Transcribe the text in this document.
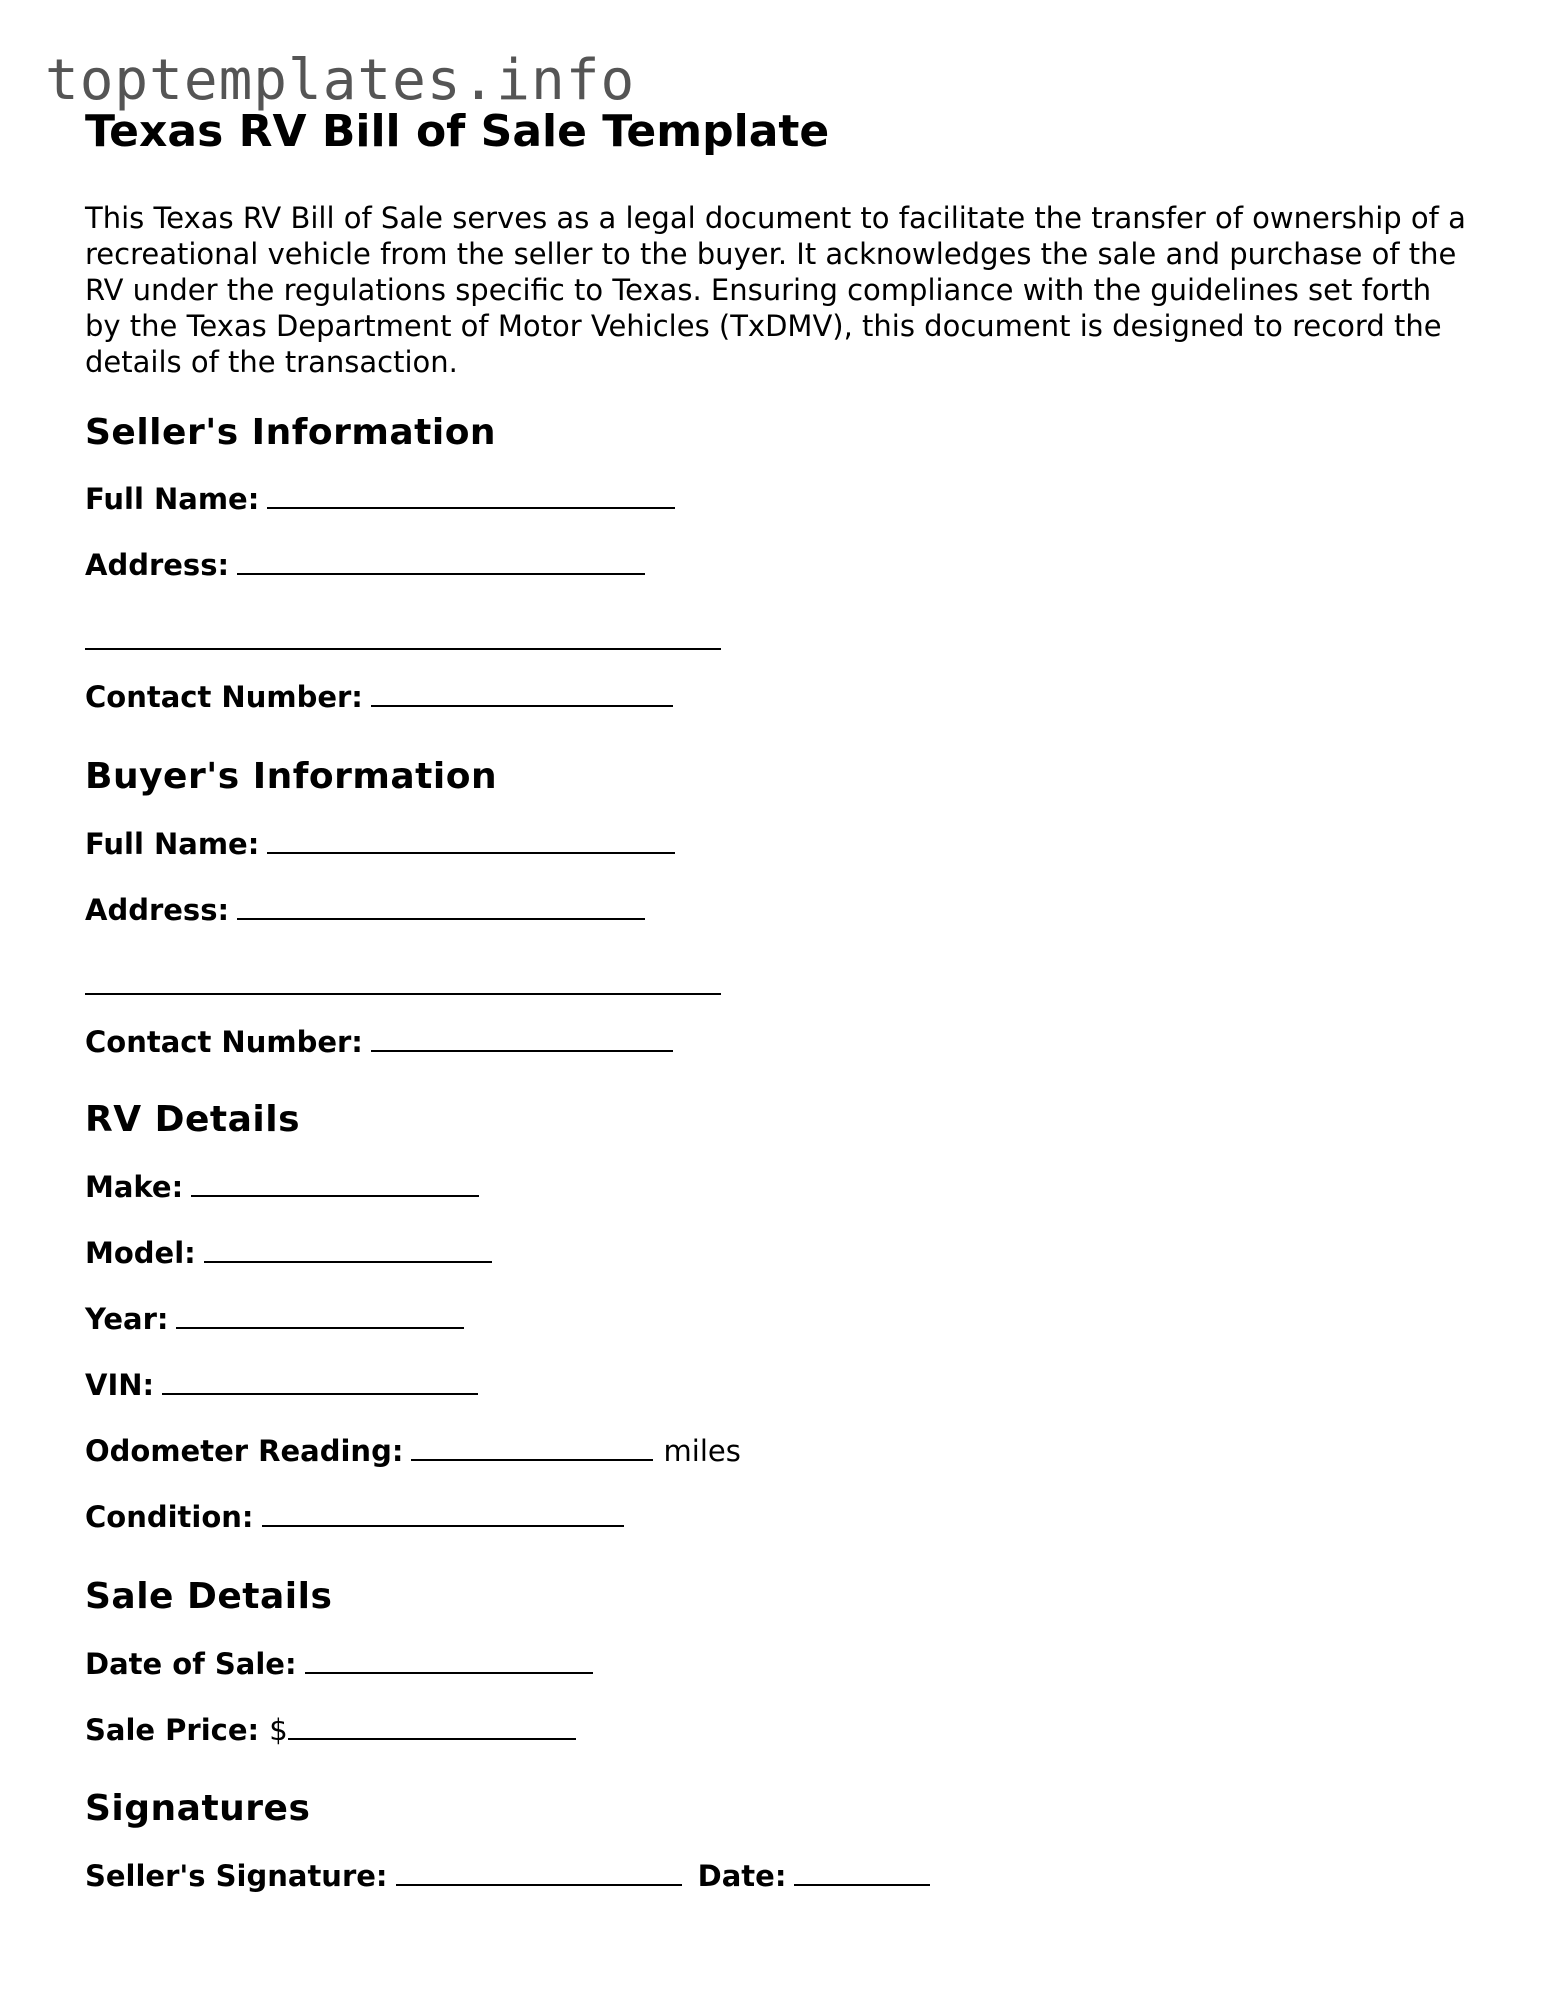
toptemplates.info
Texas RV Bill of Sale Template

This Texas RV Bill of Sale serves as a legal document to facilitate the transfer of ownership of a recreational vehicle from the seller to the buyer. It acknowledges the sale and purchase of the RV under the regulations specific to Texas. Ensuring compliance with the guidelines set forth by the Texas Department of Motor Vehicles (TxDMV), this document is designed to record the details of the transaction.

Seller's Information

Full Name:

Address:

Contact Number:

Buyer's Information

Full Name:

Address:

Contact Number:

RV Details

Make:

Model:

Year:

VIN:

Odometer Reading:	miles

Condition:

Sale Details

Date of Sale:

Sale Price: $

Signatures

Seller's Signature:	Date:
